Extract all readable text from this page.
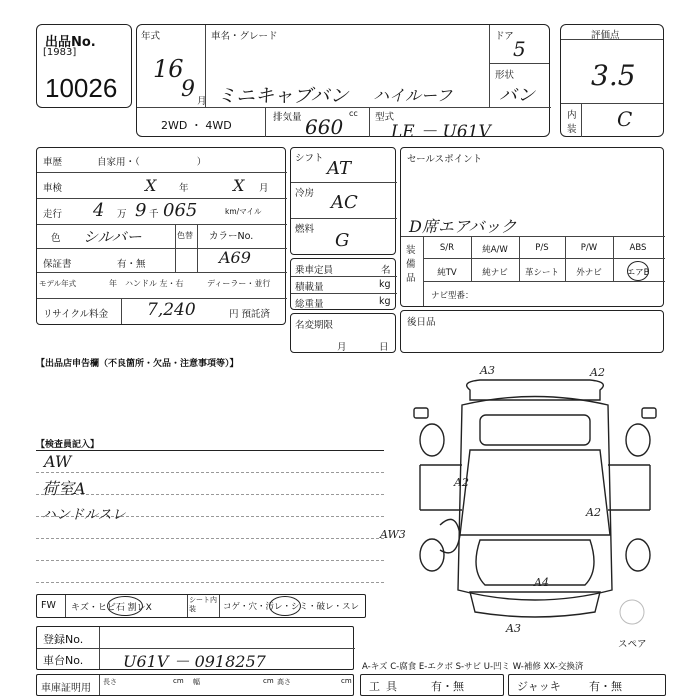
出品No.
[1983]
10026
年式
16
9 月
車名・グレード
ミニキャブバン ハイルーフ
ドア
5
形状
バン
2WD ・ 4WD
排気量	cc
660	型式
LE － U61V
評価点
3.5
内
装 C
車歴	自家用・（　　　　　　）
車検	X 年	X 月
走行 4 万 9 千 065	km/マイル
色 シルバー	色替 カラーNo.
A69
保証書	有・無
モデル年式	年 ハンドル 左・右	ディーラー・並行
リサイクル料金 7,240	円 預託済
シフト AT
冷房 AC
燃料
G
乗車定員	名
積載量	kg
総重量	kg
名変期限
月	日
セールスポイント
D席エアバック
装備品
S/R	純A/W	P/S	P/W	ABS
純TV	純ナビ	革シート	外ナビ	エアB
ナビ型番：
後日品
【出品店申告欄（不良箇所・欠品・注意事項等）】
【検査員記入】
AW
荷室A
ハンドルスレ
A3	A2
A2
A2
AW3
A4
A3
スペア
FW キズ・ヒビ石 割レX
シート内装	コゲ・穴・汚レ・シミ・破レ・スレ
登録No.
車台No. U61V － 0918257
車庫証明用
長さ	cm 幅	cm 高さ	cm
A-キズ C-腐食 E-エクボ S-サビ U-凹ミ W-補修 XX-交換済
工具	有・無	ジャッキ	有・無
